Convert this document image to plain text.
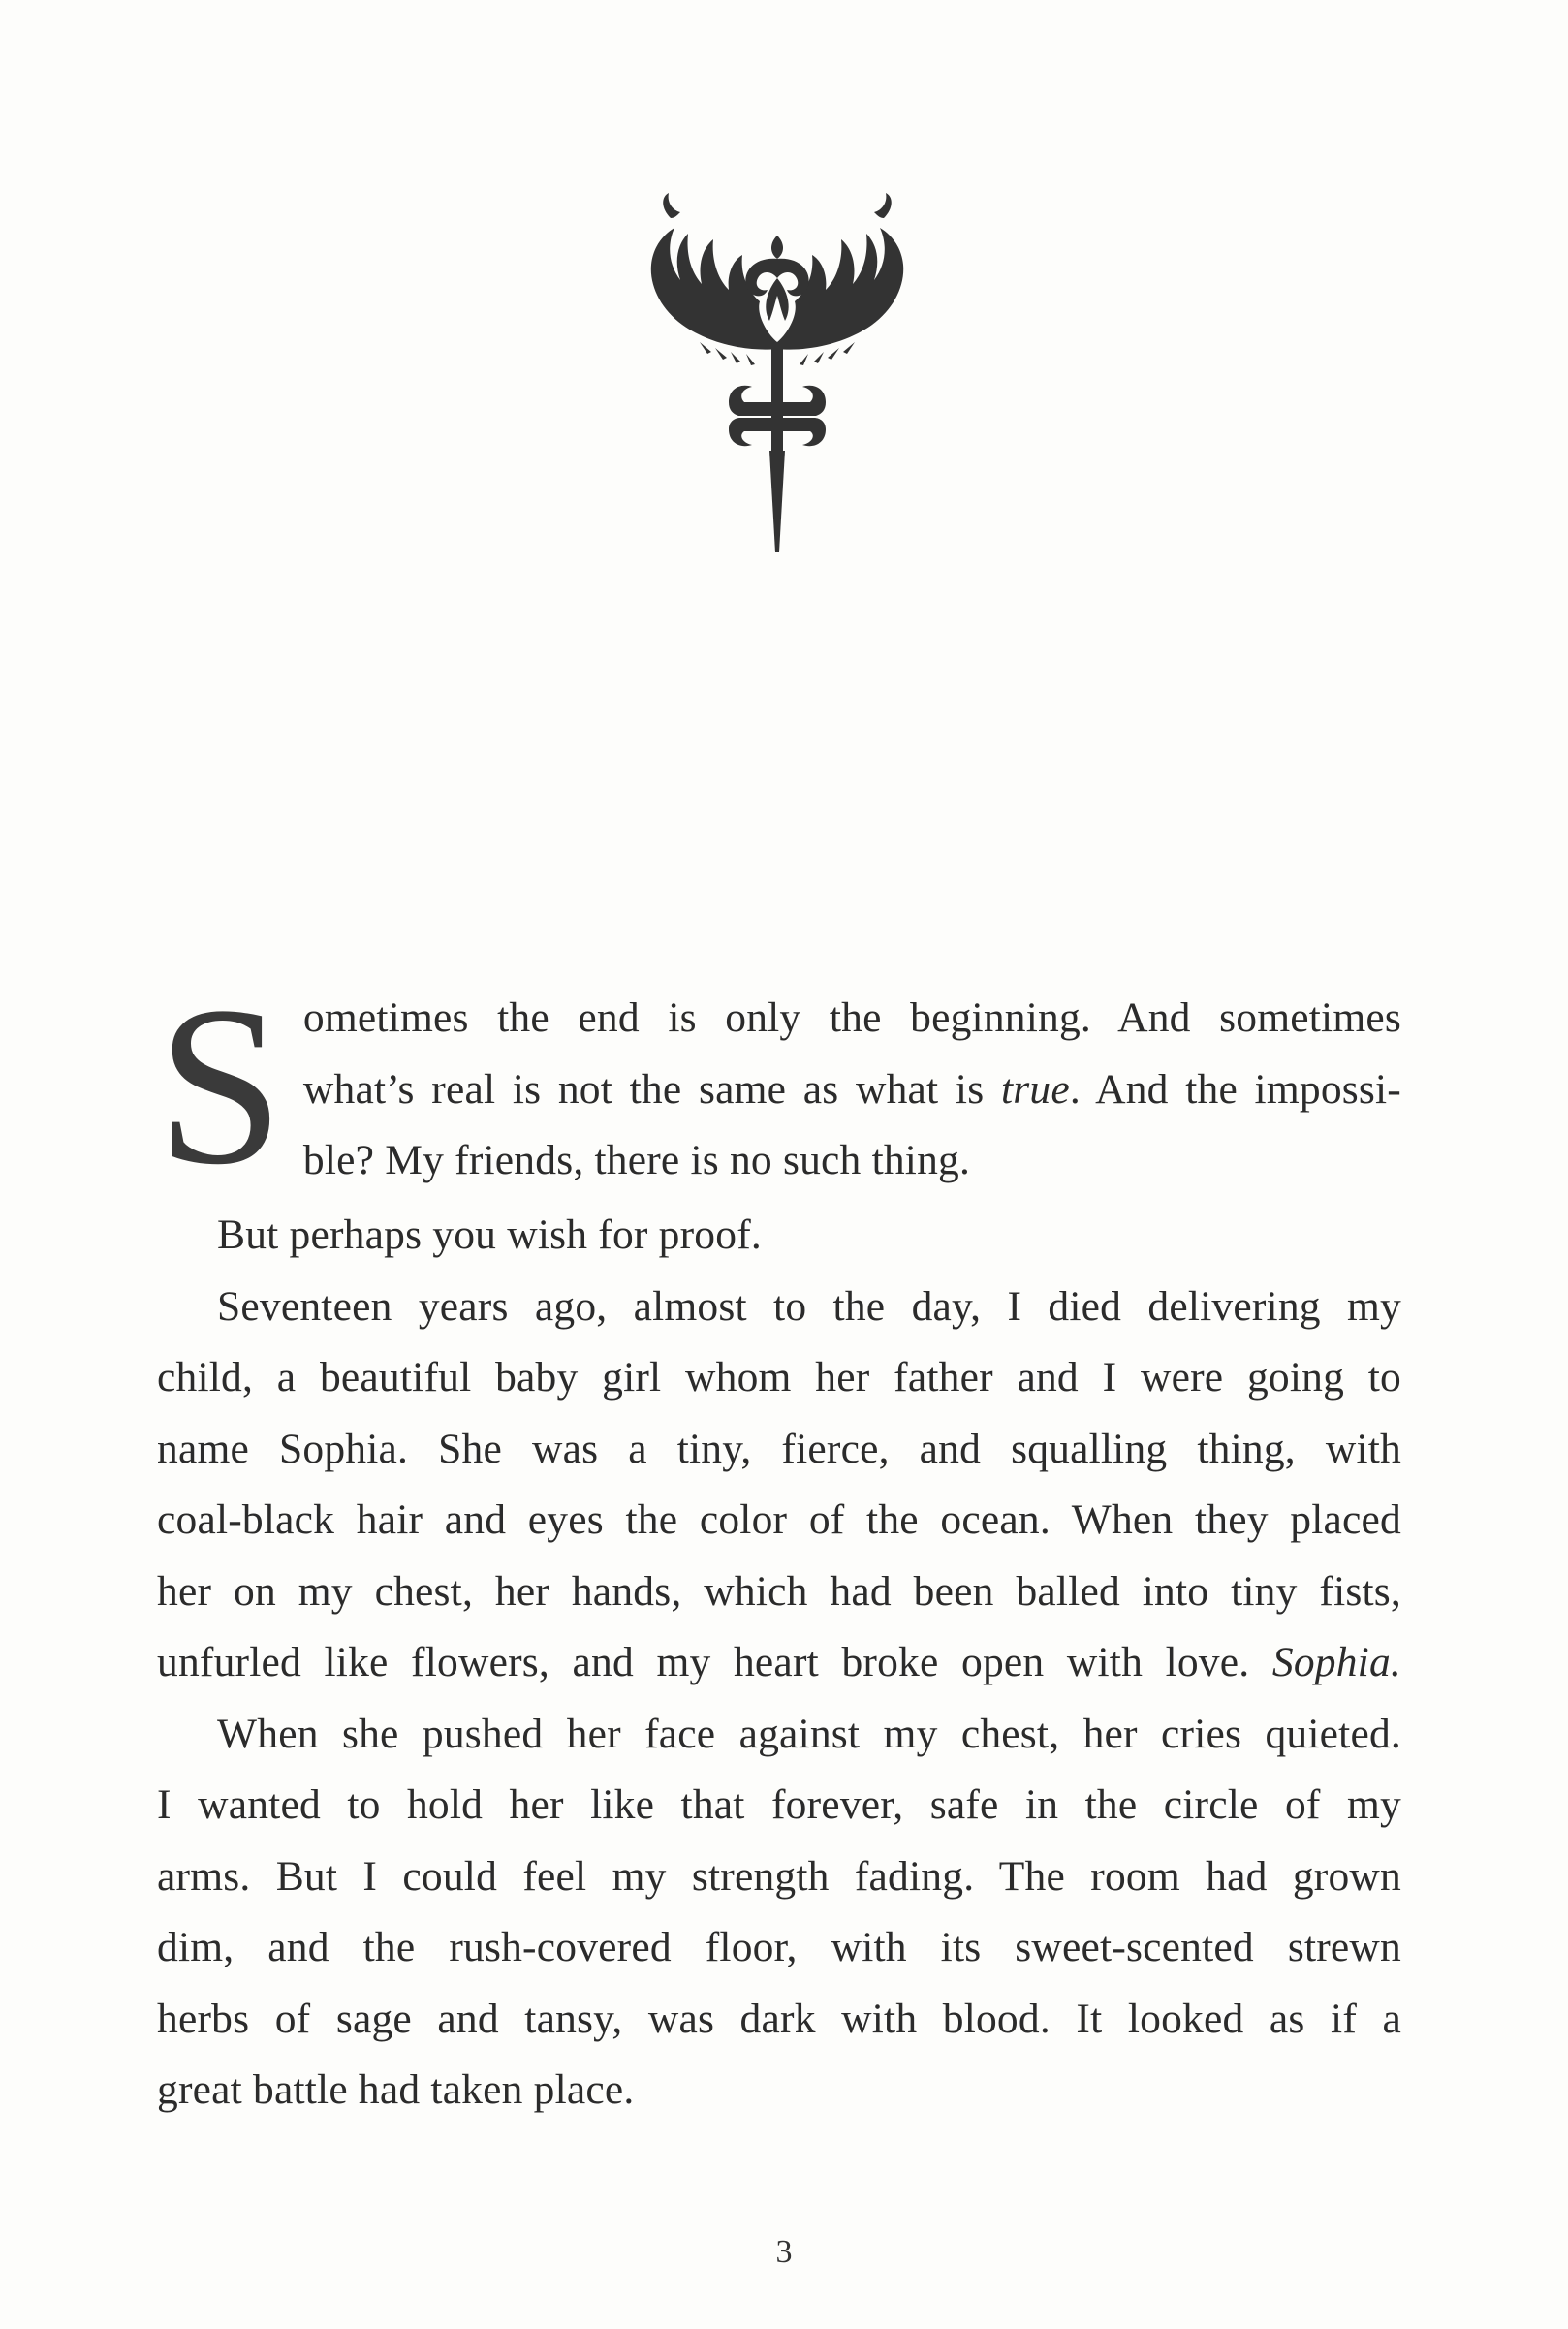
S ometimes the end is only the beginning. And sometimes
what’s real is not the same as what is true. And the impossi-
ble? My friends, there is no such thing.
But perhaps you wish for proof.
Seventeen years ago, almost to the day, I died delivering my
child, a beautiful baby girl whom her father and I were going to
name Sophia. She was a tiny, fierce, and squalling thing, with
coal-black hair and eyes the color of the ocean. When they placed
her on my chest, her hands, which had been balled into tiny fists,
unfurled like flowers, and my heart broke open with love. Sophia.
When she pushed her face against my chest, her cries quieted.
I wanted to hold her like that forever, safe in the circle of my
arms. But I could feel my strength fading. The room had grown
dim, and the rush-covered floor, with its sweet-scented strewn
herbs of sage and tansy, was dark with blood. It looked as if a
great battle had taken place.
3
